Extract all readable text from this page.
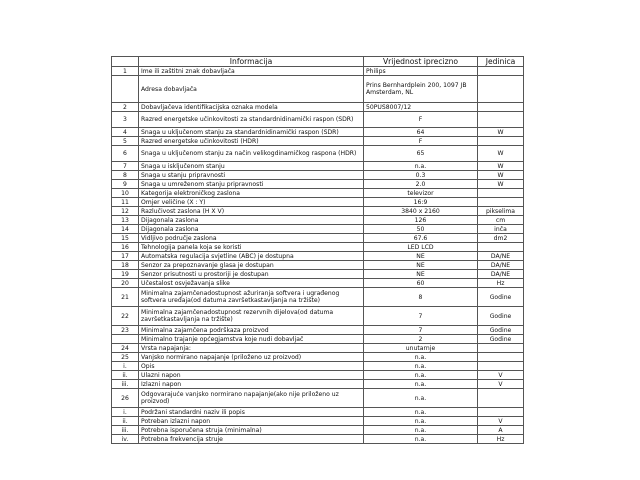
	Informacija	Vrijednost iprecizno	Jedinica
1	Ime ili zaštitni znak dobavljača	Philips	
	Adresa dobavljača	Prins Bernhardplein 200, 1097 JB Amsterdam, NL	
2	Dobavljačeva identifikacijska oznaka modela	50PUS8007/12	
3	Razred energetske učinkovitosti za standardnidinamički raspon (SDR)	F	
4	Snaga u uključenom stanju za standardnidinamički raspon (SDR)	64	W
5	Razred energetske učinkovitosti (HDR)	F	
6	Snaga u uključenom stanju za način velikogdinamičkog raspona (HDR)	65	W
7	Snaga u isključenom stanju	n.a.	W
8	Snaga u stanju pripravnosti	0.3	W
9	Snaga u umreženom stanju pripravnosti	2.0	W
10	Kategorija elektroničkog zaslona	televizor	
11	Omjer veličine (X : Y)	16:9	
12	Razlučivost zaslona (H X V)	3840 x 2160	pikselima
13	Dijagonala zaslona	126	cm
14	Dijagonala zaslona	50	inča
15	Vidljivo područje zaslona	67.6	dm2
16	Tehnologija panela koja se koristi	LED LCD	
17	Automatska regulacija svjetline (ABC) je dostupna	NE	DA/NE
18	Senzor za prepoznavanje glasa je dostupan	NE	DA/NE
19	Senzor prisutnosti u prostoriji je dostupan	NE	DA/NE
20	Učestalost osvježavanja slike	60	Hz
21	Minimalna zajamčenadostupnost ažuriranja softvera i ugrađenog softvera uređaja(od datuma završetkastavljanja na tržište)	8	Godine
22	Minimalna zajamčenadostupnost rezervnih dijelova(od datuma završetkastavljanja na tržište)	7	Godine
23	Minimalna zajamčena podrškaza proizvod	7	Godine
	Minimalno trajanje općegjamstva koje nudi dobavljač	2	Godine
24	Vrsta napajanja:	unutarnje	
25	Vanjsko normirano napajanje (priloženo uz proizvod)	n.a.	
i.	Opis	n.a.	
ii.	Ulazni napon	n.a.	V
iii.	Izlazni napon	n.a.	V
26	Odgovarajuće vanjsko normirano napajanje(ako nije priloženo uz proizvod)	n.a.	
i.	Podržani standardni naziv ili popis	n.a.	
ii.	Potreban izlazni napon	n.a.	V
iii.	Potrebna isporučena struja (minimalna)	n.a.	A
iv.	Potrebna frekvencija struje	n.a.	Hz
